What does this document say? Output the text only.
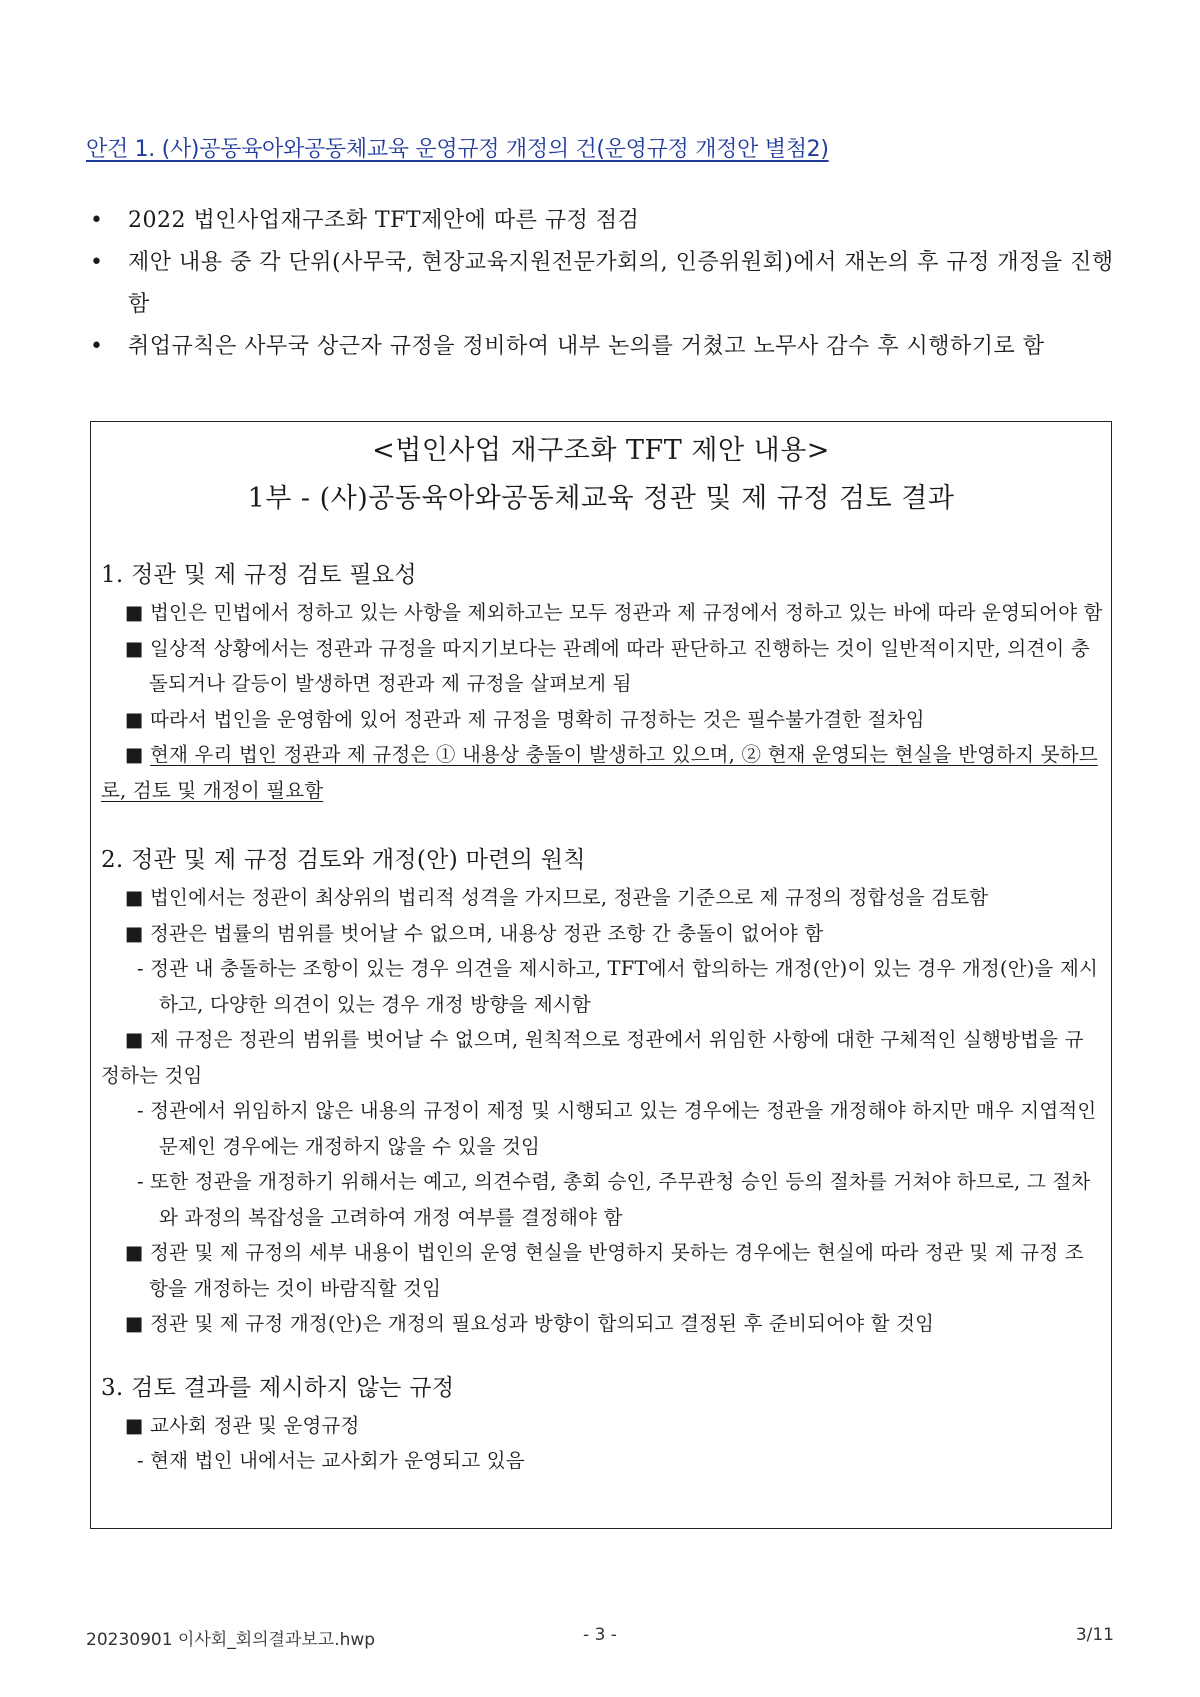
안건 1. (사)공동육아와공동체교육 운영규정 개정의 건(운영규정 개정안 별첨2)
• 2022 법인사업재구조화 TFT제안에 따른 규정 점검
• 제안 내용 중 각 단위(사무국, 현장교육지원전문가회의, 인증위원회)에서 재논의 후 규정 개정을 진행함
• 취업규칙은 사무국 상근자 규정을 정비하여 내부 논의를 거쳤고 노무사 감수 후 시행하기로 함
<법인사업 재구조화 TFT 제안 내용>
1부 - (사)공동육아와공동체교육 정관 및 제 규정 검토 결과
1. 정관 및 제 규정 검토 필요성
■ 법인은 민법에서 정하고 있는 사항을 제외하고는 모두 정관과 제 규정에서 정하고 있는 바에 따라 운영되어야 함
■ 일상적 상황에서는 정관과 규정을 따지기보다는 관례에 따라 판단하고 진행하는 것이 일반적이지만, 의견이 충돌되거나 갈등이 발생하면 정관과 제 규정을 살펴보게 됨
■ 따라서 법인을 운영함에 있어 정관과 제 규정을 명확히 규정하는 것은 필수불가결한 절차임
■ 현재 우리 법인 정관과 제 규정은 ① 내용상 충돌이 발생하고 있으며, ② 현재 운영되는 현실을 반영하지 못하므로, 검토 및 개정이 필요함
2. 정관 및 제 규정 검토와 개정(안) 마련의 원칙
■ 법인에서는 정관이 최상위의 법리적 성격을 가지므로, 정관을 기준으로 제 규정의 정합성을 검토함
■ 정관은 법률의 범위를 벗어날 수 없으며, 내용상 정관 조항 간 충돌이 없어야 함
- 정관 내 충돌하는 조항이 있는 경우 의견을 제시하고, TFT에서 합의하는 개정(안)이 있는 경우 개정(안)을 제시하고, 다양한 의견이 있는 경우 개정 방향을 제시함
■ 제 규정은 정관의 범위를 벗어날 수 없으며, 원칙적으로 정관에서 위임한 사항에 대한 구체적인 실행방법을 규정하는 것임
- 정관에서 위임하지 않은 내용의 규정이 제정 및 시행되고 있는 경우에는 정관을 개정해야 하지만 매우 지엽적인 문제인 경우에는 개정하지 않을 수 있을 것임
- 또한 정관을 개정하기 위해서는 예고, 의견수렴, 총회 승인, 주무관청 승인 등의 절차를 거쳐야 하므로, 그 절차와 과정의 복잡성을 고려하여 개정 여부를 결정해야 함
■ 정관 및 제 규정의 세부 내용이 법인의 운영 현실을 반영하지 못하는 경우에는 현실에 따라 정관 및 제 규정 조항을 개정하는 것이 바람직할 것임
■ 정관 및 제 규정 개정(안)은 개정의 필요성과 방향이 합의되고 결정된 후 준비되어야 할 것임
3. 검토 결과를 제시하지 않는 규정
■ 교사회 정관 및 운영규정
- 현재 법인 내에서는 교사회가 운영되고 있음
20230901 이사회_회의결과보고.hwp	- 3 -	3/11
